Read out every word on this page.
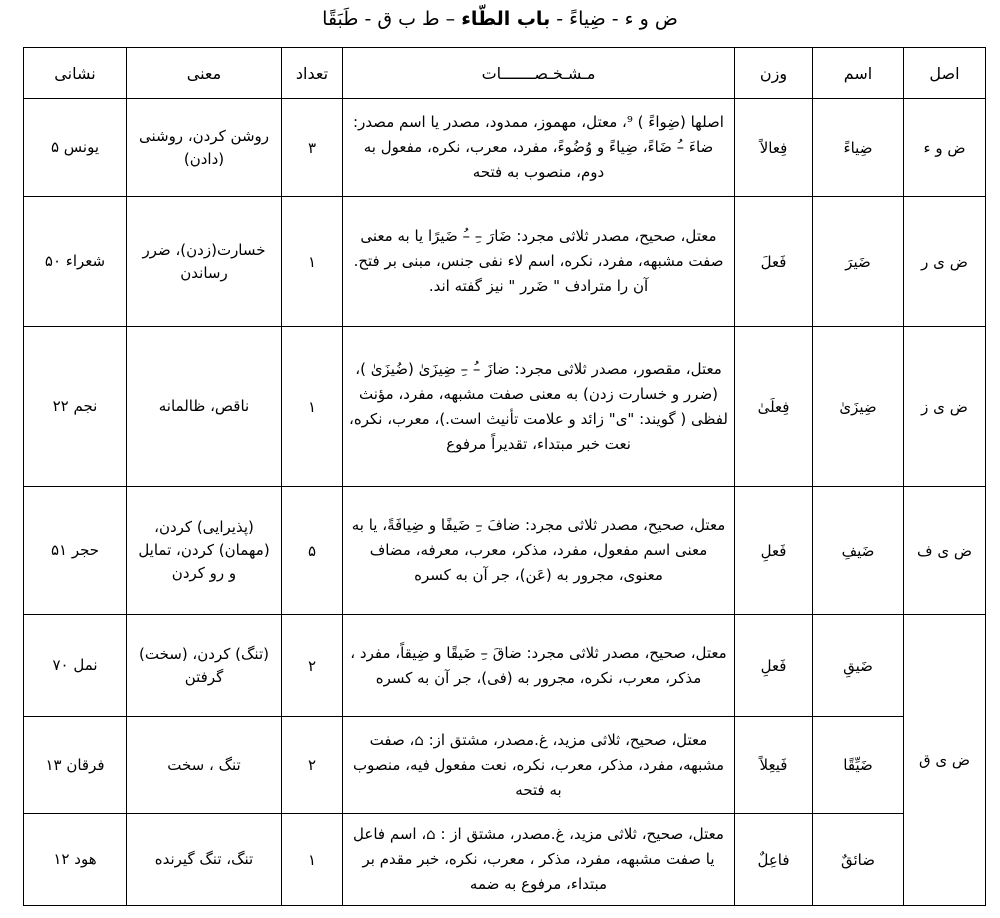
ض و ء - ضِیاءً - باب الطّاء – ط ب ق - طَبَقًا
اصل	اسم	وزن	مـشـخـصـــــــات	تعداد	معنی	نشانی
ض و ء	ضِیاءً	فِعالاً	اصلها (ضِواءً ) ⁹، معتل، مهموز، ممدود، مصدر یا اسم مصدر: ضاءَ –ُ ضَاءً، ضِیاءً و وُضُوءً، مفرد، معرب، نکره، مفعول به دوم، منصوب به فتحه	۳	روشن کردن، روشنی (دادن)	یونس ۵
ض ی ر	ضَیرَ	فَعلَ	معتل، صحیح، مصدر ثلاثی مجرد: ضَارَ –ِ –ُ ضَیرًا یا به معنی صفت مشبهه، مفرد، نکره، اسم لاء نفی جنس، مبنی بر فتح. آن را مترادف " ضَرر " نیز گفته اند.	۱	خسارت(زدن)، ضرر رساندن	شعراء ۵۰
ض ی ز	ضِیزَیٰ	فِعلَیٰ	معتل، مقصور، مصدر ثلاثی مجرد: ضازَ –ُ –ِ ضِیزَیٰ (ضُیزَیٰ )، (ضرر و خسارت زدن) به معنی صفت مشبهه، مفرد، مؤنث لفظی ( گویند: "ی" زائد و علامت تأنیث است.)، معرب، نکره، نعت خبر مبتداء، تقدیراً مرفوع	۱	ناقص، ظالمانه	نجم ۲۲
ض ی ف	ضَیفِ	فَعلِ	معتل، صحیح، مصدر ثلاثی مجرد: ضافَ –ِ ضَیفًا و ضِیافَةً، یا به معنی اسم مفعول، مفرد، مذکر، معرب، معرفه، مضاف معنوی، مجرور به (عَن)، جر آن به کسره	۵	(پذیرایی) کردن، (مهمان) کردن، تمایل و رو کردن	حجر ۵۱
ض ی ق	ضَیقِ	فَعلِ	معتل، صحیح، مصدر ثلاثی مجرد: ضاقَ –ِ ضَیقًا و ضِیقاً، مفرد ، مذکر، معرب، نکره، مجرور به (فی)، جر آن به کسره	۲	(تنگ) کردن، (سخت) گرفتن	نمل ۷۰
	ضَیِّقًا	فَیعِلاً	معتل، صحیح، ثلاثی مزید، غ.مصدر، مشتق از: ⌂، صفت مشبهه، مفرد، مذکر، معرب، نکره، نعت مفعول فیه، منصوب به فتحه	۲	تنگ ، سخت	فرقان ۱۳
	ضائقٌ	فاعِلٌ	معتل، صحیح، ثلاثی مزید، غ.مصدر، مشتق از : ⌂، اسم فاعل یا صفت مشبهه، مفرد، مذکر ، معرب، نکره، خبر مقدم بر مبتداء، مرفوع به ضمه	۱	تنگ، تنگ گیرنده	هود ۱۲
